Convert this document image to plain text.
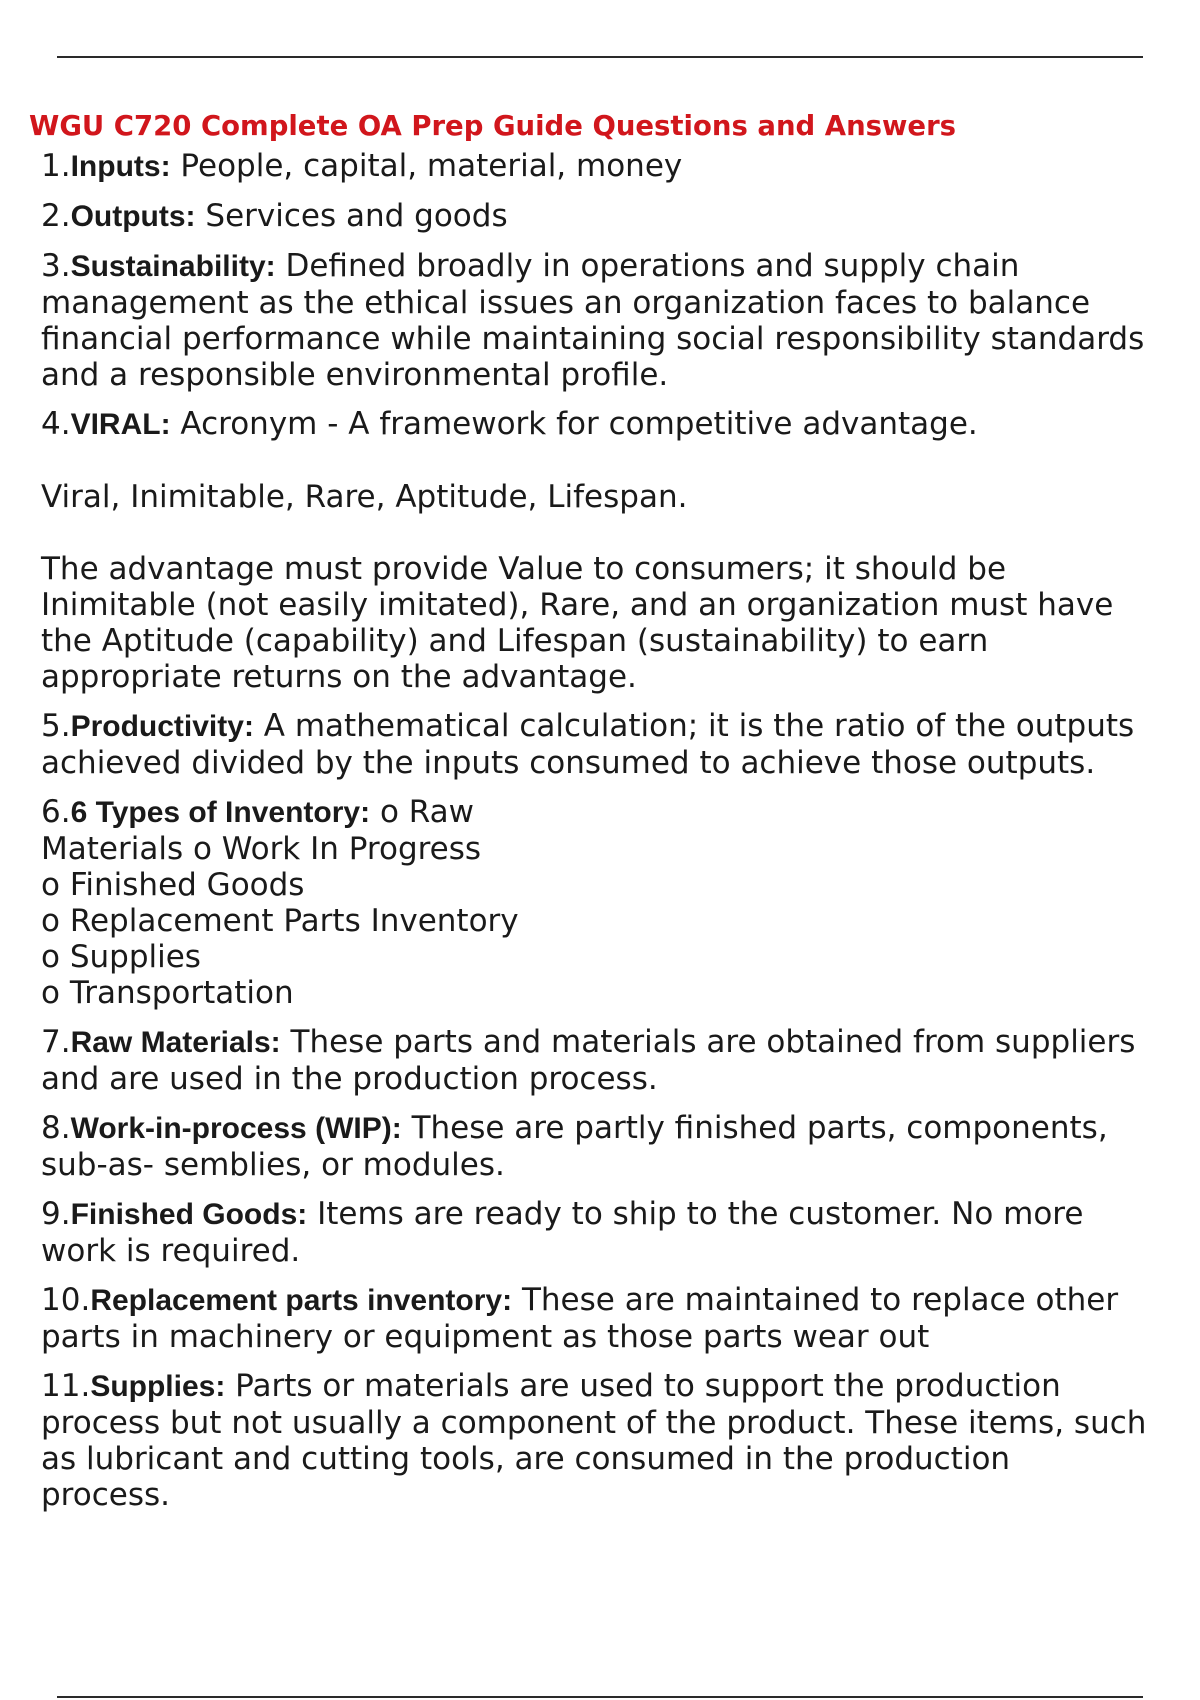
WGU C720 Complete OA Prep Guide Questions and Answers
1.Inputs: People, capital, material, money
2.Outputs: Services and goods
3.Sustainability: Defined broadly in operations and supply chain
management as the ethical issues an organization faces to balance
financial performance while maintaining social responsibility standards
and a responsible environmental profile.
4.VIRAL: Acronym - A framework for competitive advantage.
Viral, Inimitable, Rare, Aptitude, Lifespan.
The advantage must provide Value to consumers; it should be
Inimitable (not easily imitated), Rare, and an organization must have
the Aptitude (capability) and Lifespan (sustainability) to earn
appropriate returns on the advantage.
5.Productivity: A mathematical calculation; it is the ratio of the outputs
achieved divided by the inputs consumed to achieve those outputs.
6.6 Types of Inventory: o Raw
Materials o Work In Progress
o Finished Goods
o Replacement Parts Inventory
o Supplies
o Transportation
7.Raw Materials: These parts and materials are obtained from suppliers
and are used in the production process.
8.Work-in-process (WIP): These are partly finished parts, components,
sub-as- semblies, or modules.
9.Finished Goods: Items are ready to ship to the customer. No more
work is required.
10.Replacement parts inventory: These are maintained to replace other
parts in machinery or equipment as those parts wear out
11.Supplies: Parts or materials are used to support the production
process but not usually a component of the product. These items, such
as lubricant and cutting tools, are consumed in the production
process.
